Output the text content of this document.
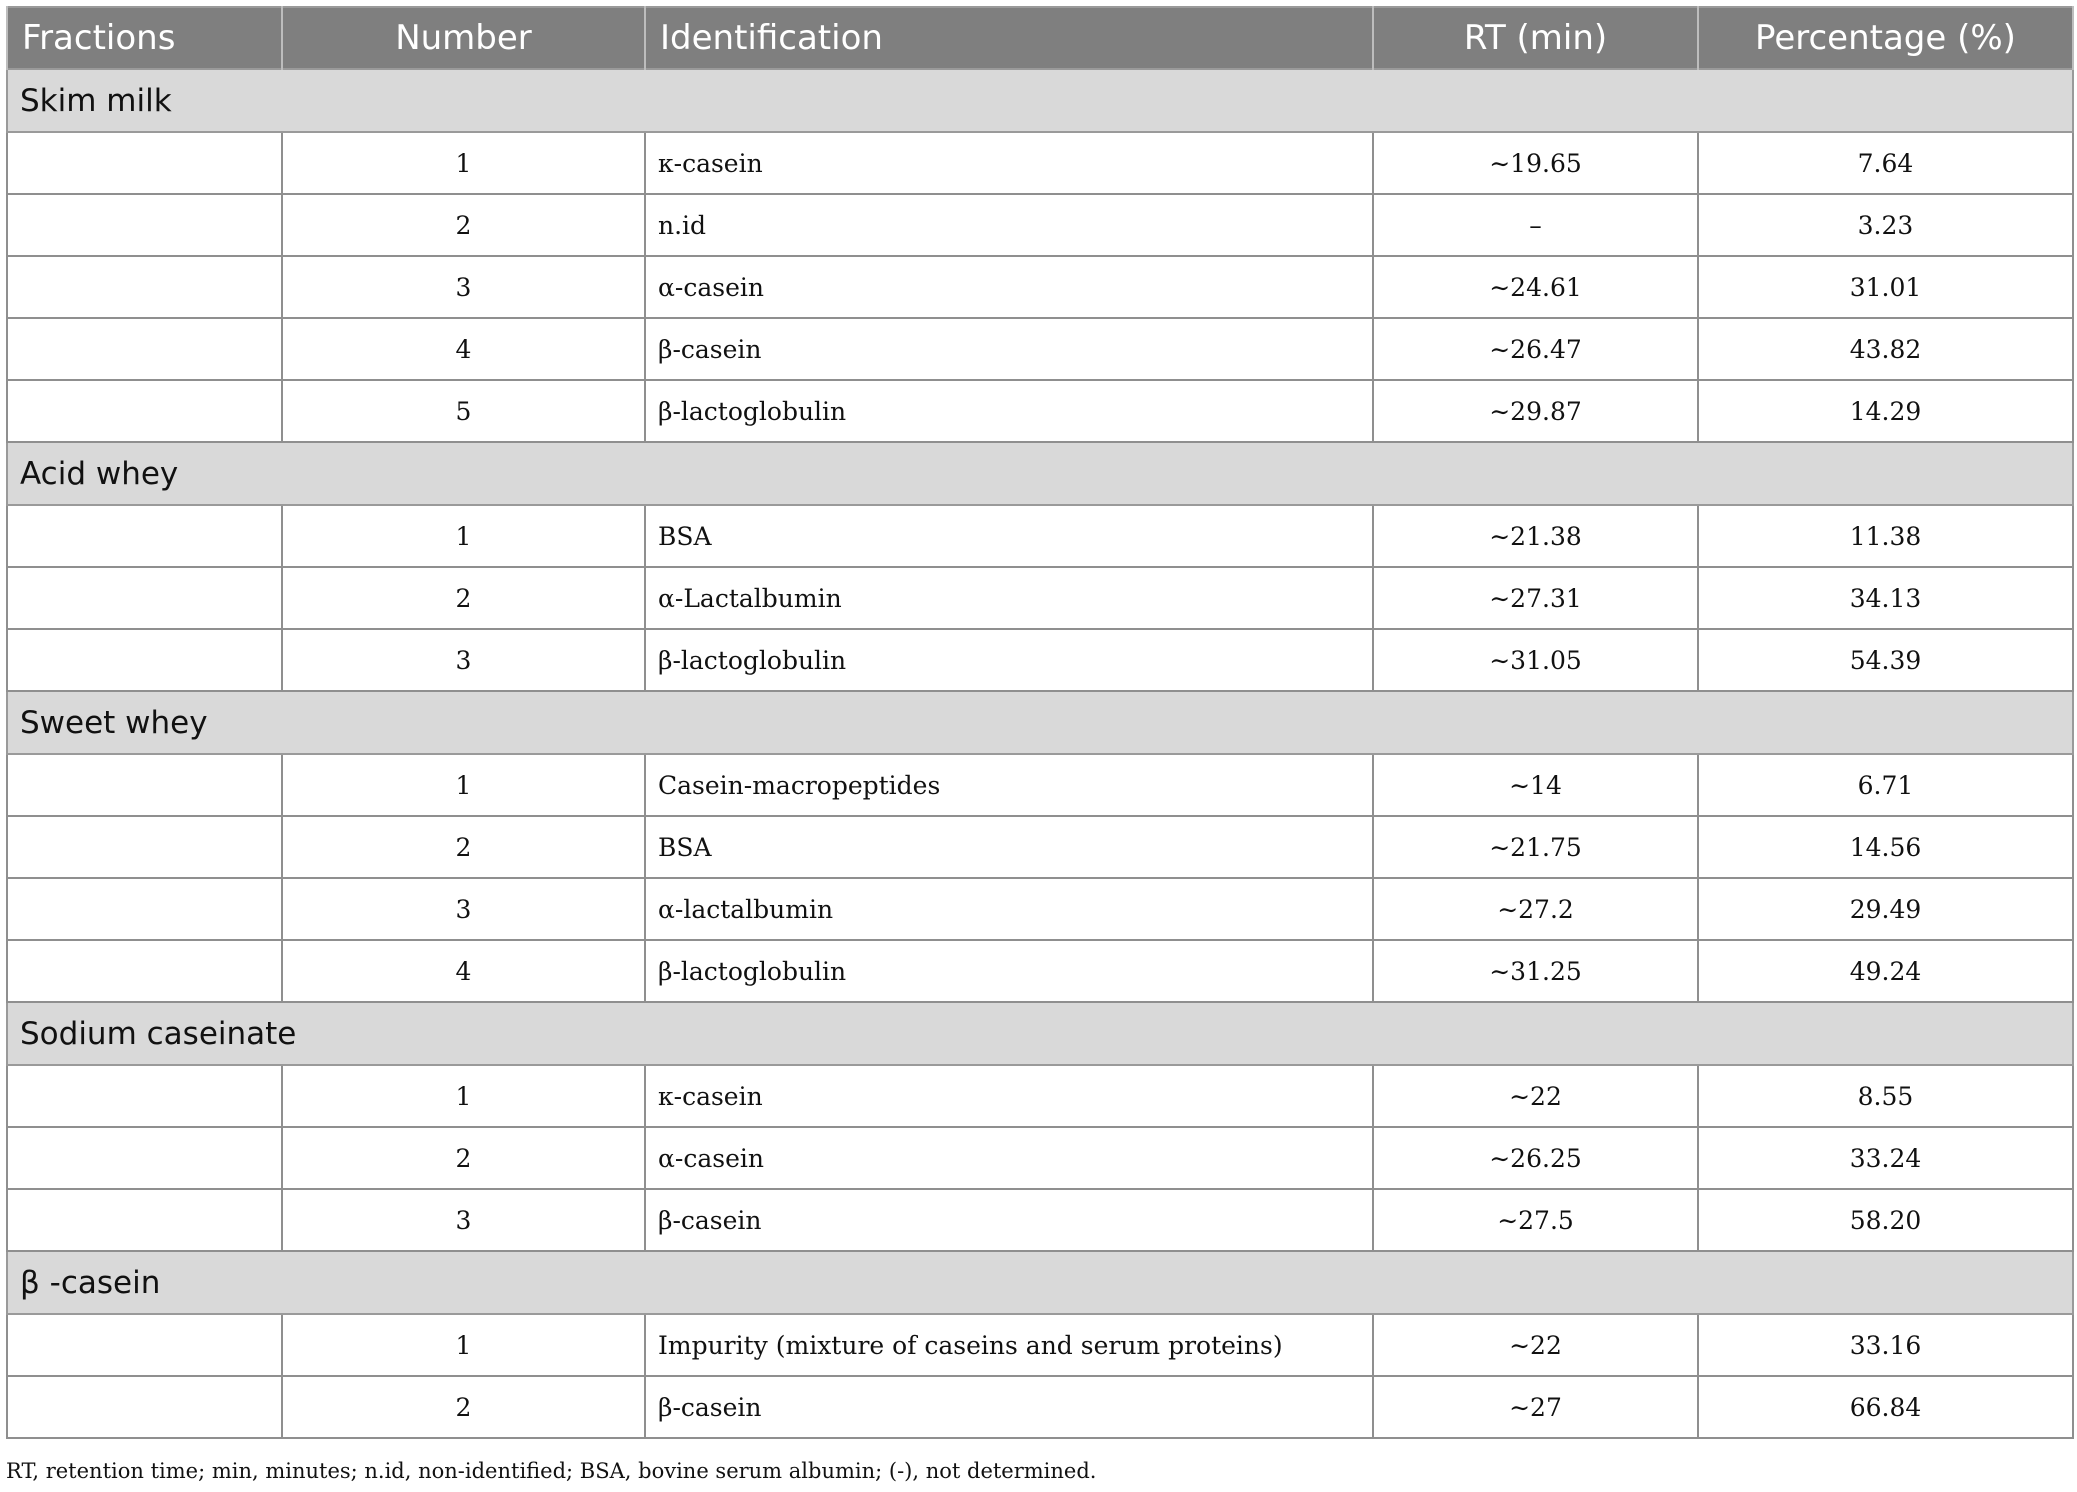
Fractions	Number	Identification	RT (min)	Percentage (%)
Skim milk				
	1	κ-casein	∼19.65	7.64
	2	n.id	–	3.23
	3	α-casein	∼24.61	31.01
	4	β-casein	∼26.47	43.82
	5	β-lactoglobulin	∼29.87	14.29
Acid whey				
	1	BSA	∼21.38	11.38
	2	α-Lactalbumin	∼27.31	34.13
	3	β-lactoglobulin	∼31.05	54.39
Sweet whey				
	1	Casein-macropeptides	∼14	6.71
	2	BSA	∼21.75	14.56
	3	α-lactalbumin	∼27.2	29.49
	4	β-lactoglobulin	∼31.25	49.24
Sodium caseinate				
	1	κ-casein	∼22	8.55
	2	α-casein	∼26.25	33.24
	3	β-casein	∼27.5	58.20
β -casein				
	1	Impurity (mixture of caseins and serum proteins)	∼22	33.16
	2	β-casein	∼27	66.84
RT, retention time; min, minutes; n.id, non-identified; BSA, bovine serum albumin; (-), not determined.
